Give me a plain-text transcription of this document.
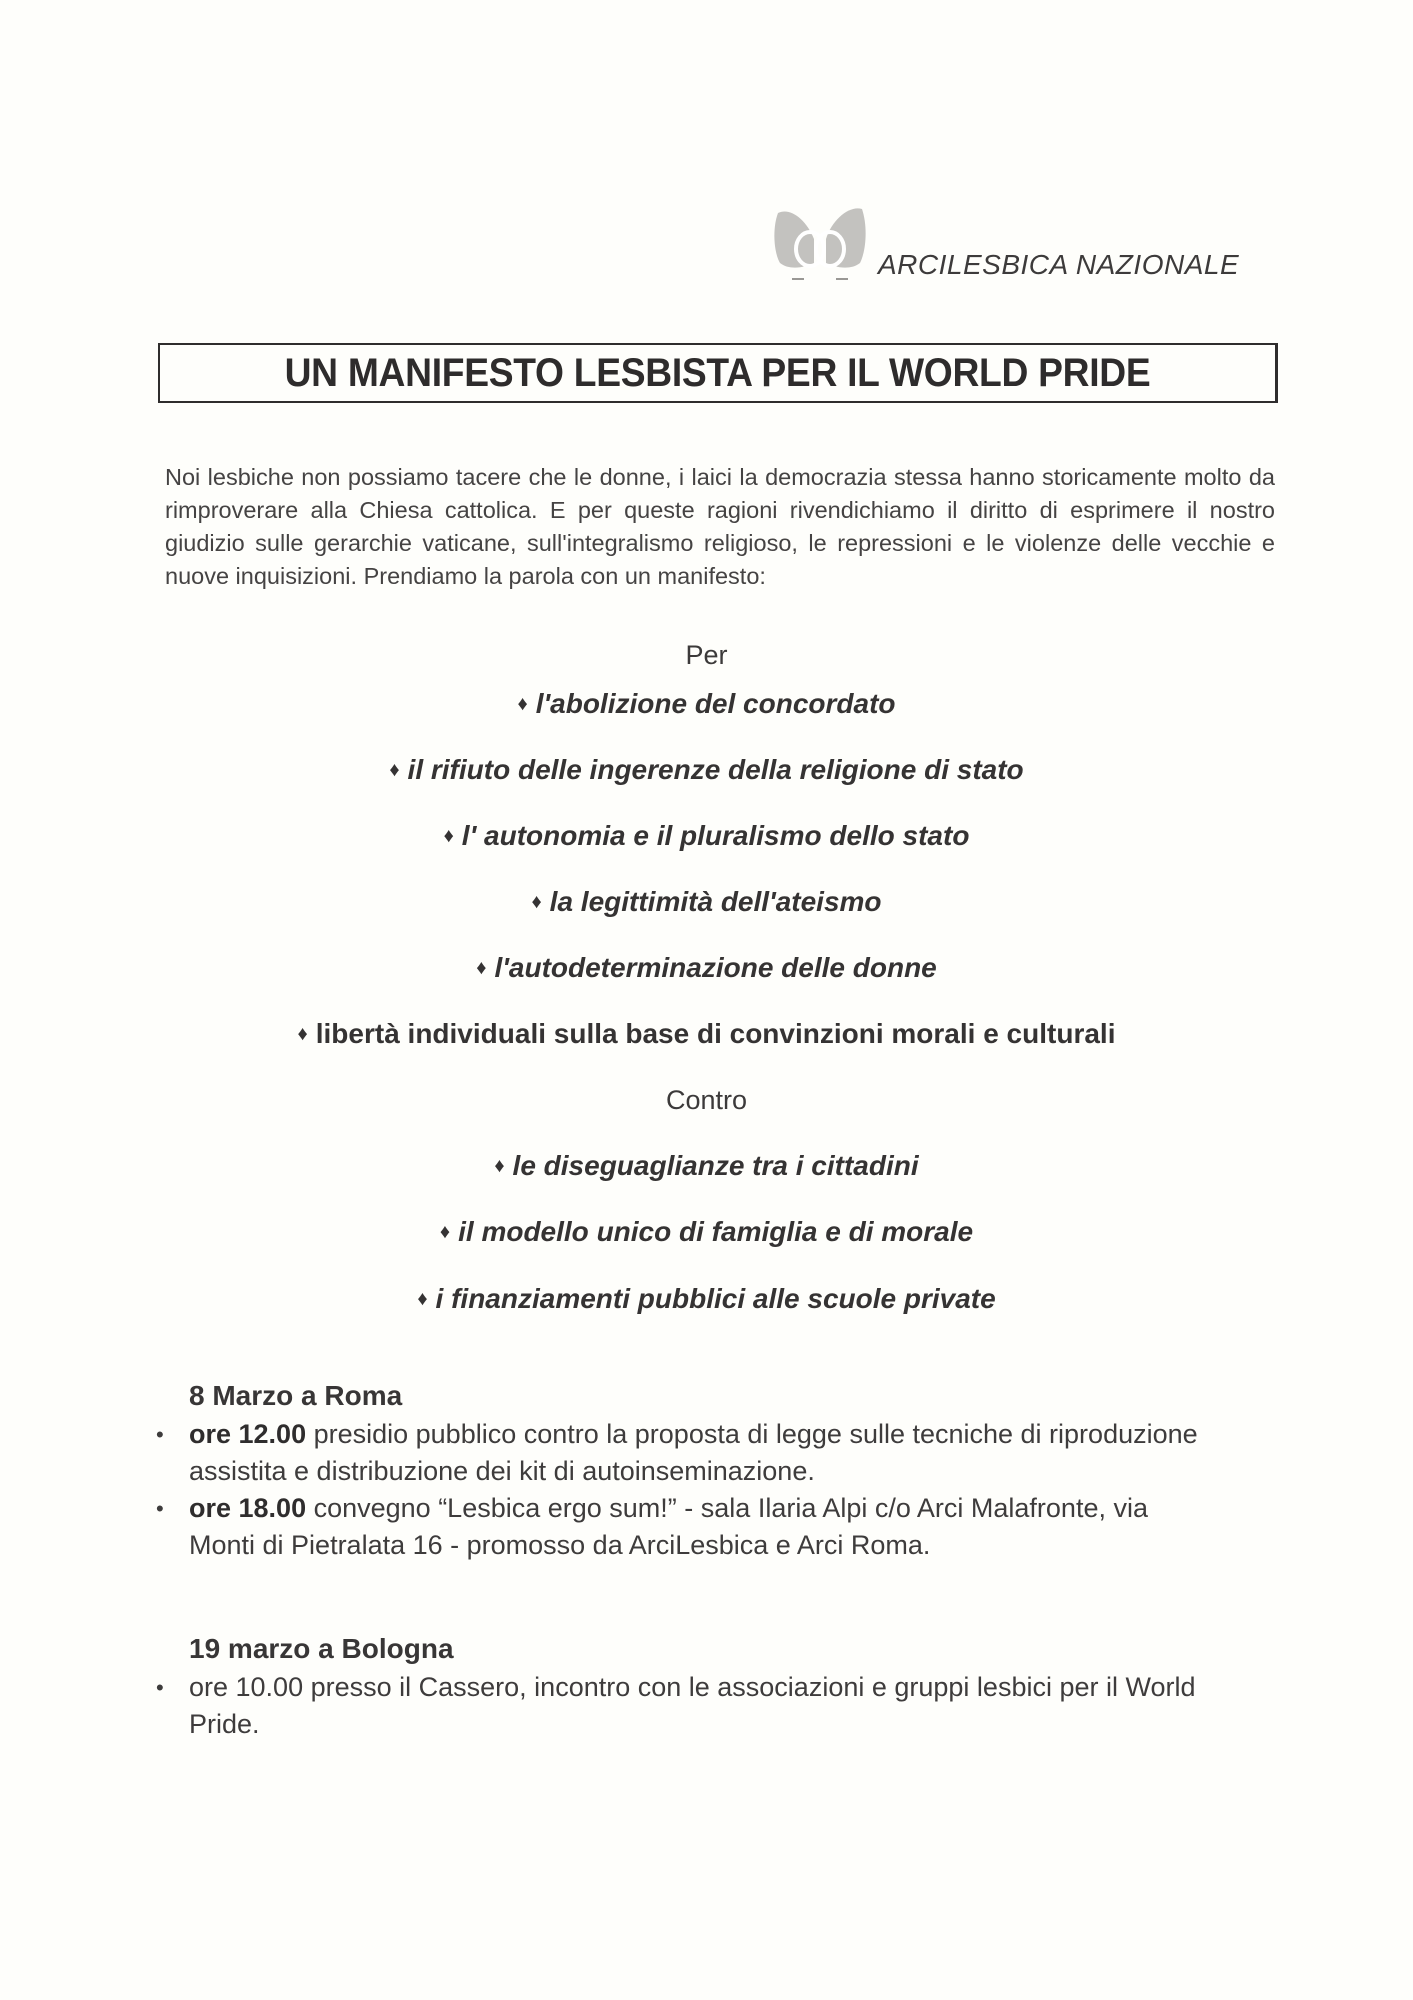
ARCILESBICA NAZIONALE
UN MANIFESTO LESBISTA PER IL WORLD PRIDE

Noi lesbiche non possiamo tacere che le donne, i laici la democrazia stessa hanno storicamente molto da rimproverare alla Chiesa cattolica. E per queste ragioni rivendichiamo il diritto di esprimere il nostro giudizio sulle gerarchie vaticane, sull'integralismo religioso, le repressioni e le violenze delle vecchie e nuove inquisizioni. Prendiamo la parola con un manifesto:

Per
♦ l'abolizione del concordato
♦ il rifiuto delle ingerenze della religione di stato
♦ l' autonomia e il pluralismo dello stato
♦ la legittimità dell'ateismo
♦ l'autodeterminazione delle donne
♦ libertà individuali sulla base di convinzioni morali e culturali
Contro
♦ le diseguaglianze tra i cittadini
♦ il modello unico di famiglia e di morale
♦ i finanziamenti pubblici alle scuole private
8 Marzo a Roma
• ore 12.00 presidio pubblico contro la proposta di legge sulle tecniche di riproduzione assistita e distribuzione dei kit di autoinseminazione.
• ore 18.00 convegno “Lesbica ergo sum!” - sala Ilaria Alpi c/o Arci Malafronte, via Monti di Pietralata 16 - promosso da ArciLesbica e Arci Roma.
19 marzo a Bologna
• ore 10.00 presso il Cassero, incontro con le associazioni e gruppi lesbici per il World Pride.
